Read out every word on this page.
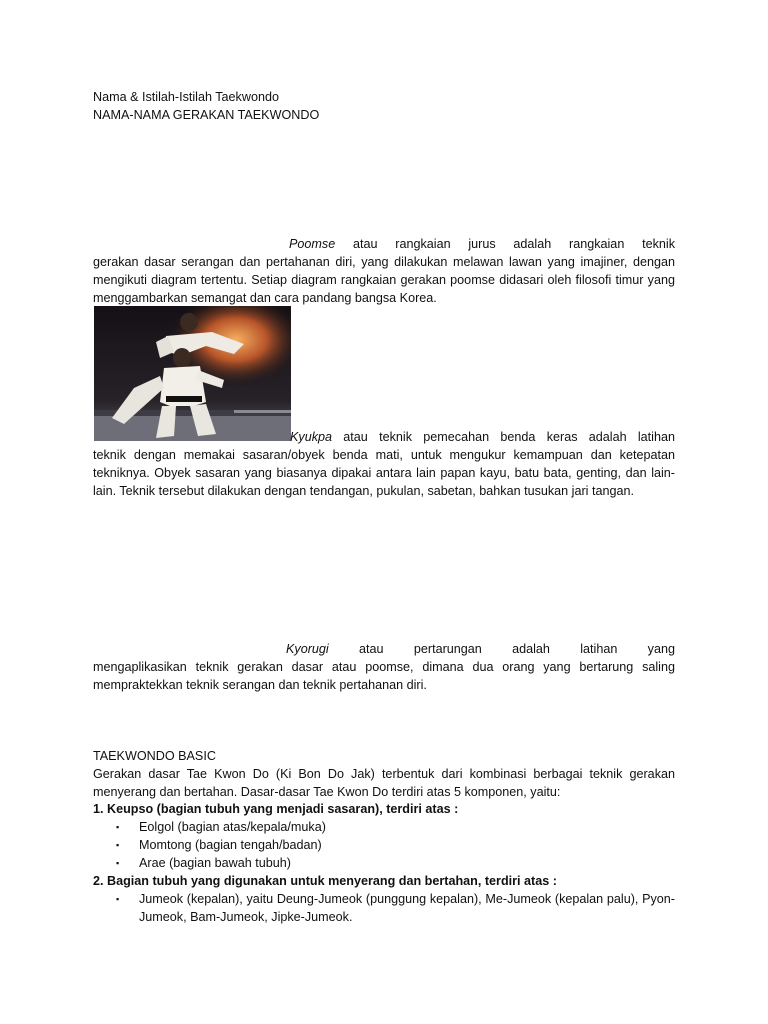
Nama & Istilah-Istilah Taekwondo
NAMA-NAMA GERAKAN TAEKWONDO
Poomse atau rangkaian jurus adalah rangkaian teknik
gerakan dasar serangan dan pertahanan diri, yang dilakukan melawan lawan yang imajiner, dengan mengikuti diagram tertentu. Setiap diagram rangkaian gerakan poomse didasari oleh filosofi timur yang menggambarkan semangat dan cara pandang bangsa Korea.
Kyukpa atau teknik pemecahan benda keras adalah latihan
teknik dengan memakai sasaran/obyek benda mati, untuk mengukur kemampuan dan ketepatan tekniknya. Obyek sasaran yang biasanya dipakai antara lain papan kayu, batu bata, genting, dan lain-lain. Teknik tersebut dilakukan dengan tendangan, pukulan, sabetan, bahkan tusukan jari tangan.
Kyorugi atau pertarungan adalah latihan yang
mengaplikasikan teknik gerakan dasar atau poomse, dimana dua orang yang bertarung saling mempraktekkan teknik serangan dan teknik pertahanan diri.
TAEKWONDO BASIC
Gerakan dasar Tae Kwon Do (Ki Bon Do Jak) terbentuk dari kombinasi berbagai teknik gerakan menyerang dan bertahan. Dasar-dasar Tae Kwon Do terdiri atas 5 komponen, yaitu:
1. Keupso (bagian tubuh yang menjadi sasaran), terdiri atas :
▪ Eolgol (bagian atas/kepala/muka)
▪ Momtong (bagian tengah/badan)
▪ Arae (bagian bawah tubuh)
2. Bagian tubuh yang digunakan untuk menyerang dan bertahan, terdiri atas :
▪ Jumeok (kepalan), yaitu Deung-Jumeok (punggung kepalan), Me-Jumeok (kepalan palu), Pyon-Jumeok, Bam-Jumeok, Jipke-Jumeok.
